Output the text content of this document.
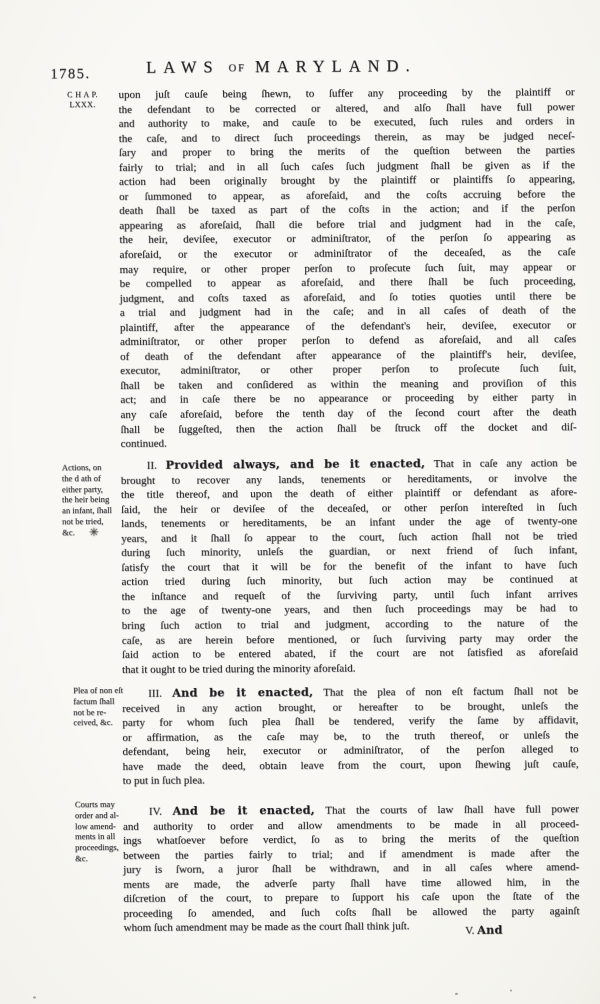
1785.	LAWS OF MARYLAND.
C H A P.
LXXX.
Actions, on
the d ath of
either party,
the heir being
an infant, ſhall
not be tried,
&c.	✳
Plea of non eſt
factum ſhall
not be re-
ceived, &c.
Courts may
order and al-
low amend-
ments in all
proceedings,
&c.
upon juſt cauſe being ſhewn, to ſuffer any proceeding by the plaintiff or
the defendant to be corrected or altered, and alſo ſhall have full power
and authority to make, and cauſe to be executed, ſuch rules and orders in
the caſe, and to direct ſuch proceedings therein, as may be judged neceſ-
ſary and proper to bring the merits of the queſtion between the parties
fairly to trial; and in all ſuch caſes ſuch judgment ſhall be given as if the
action had been originally brought by the plaintiff or plaintiffs ſo appearing,
or ſummoned to appear, as aforeſaid, and the coſts accruing before the
death ſhall be taxed as part of the coſts in the action; and if the perſon
appearing as aforeſaid, ſhall die before trial and judgment had in the caſe,
the heir, deviſee, executor or adminiſtrator, of the perſon ſo appearing as
aforeſaid, or the executor or adminiſtrator of the deceaſed, as the caſe
may require, or other proper perſon to proſecute ſuch ſuit, may appear or
be compelled to appear as aforeſaid, and there ſhall be ſuch proceeding,
judgment, and coſts taxed as aforeſaid, and ſo toties quoties until there be
a trial and judgment had in the caſe; and in all caſes of death of the
plaintiff, after the appearance of the defendant's heir, deviſee, executor or
adminiſtrator, or other proper perſon to defend as aforeſaid, and all caſes
of death of the defendant after appearance of the plaintiff's heir, deviſee,
executor, adminiſtrator, or other proper perſon to proſecute ſuch ſuit,
ſhall be taken and conſidered as within the meaning and proviſion of this
act; and in caſe there be no appearance or proceeding by either party in
any caſe aforeſaid, before the tenth day of the ſecond court after the death
ſhall be ſuggeſted, then the action ſhall be ſtruck off the docket and diſ-
continued.
II. Provided always, and be it enacted, That in caſe any action be
brought to recover any lands, tenements or hereditaments, or involve the
the title thereof, and upon the death of either plaintiff or defendant as afore-
ſaid, the heir or deviſee of the deceaſed, or other perſon intereſted in ſuch
lands, tenements or hereditaments, be an infant under the age of twenty-one
years, and it ſhall ſo appear to the court, ſuch action ſhall not be tried
during ſuch minority, unleſs the guardian, or next friend of ſuch infant,
ſatisfy the court that it will be for the benefit of the infant to have ſuch
action tried during ſuch minority, but ſuch action may be continued at
the inſtance and requeſt of the ſurviving party, until ſuch infant arrives
to the age of twenty-one years, and then ſuch proceedings may be had to
bring ſuch action to trial and judgment, according to the nature of the
caſe, as are herein before mentioned, or ſuch ſurviving party may order the
ſaid action to be entered abated, if the court are not ſatisfied as aforeſaid
that it ought to be tried during the minority aforeſaid.
III. And be it enacted, That the plea of non eſt factum ſhall not be
received in any action brought, or hereafter to be brought, unleſs the
party for whom ſuch plea ſhall be tendered, verify the ſame by affidavit,
or affirmation, as the caſe may be, to the truth thereof, or unleſs the
defendant, being heir, executor or adminiſtrator, of the perſon alleged to
have made the deed, obtain leave from the court, upon ſhewing juſt cauſe,
to put in ſuch plea.
IV. And be it enacted, That the courts of law ſhall have full power
and authority to order and allow amendments to be made in all proceed-
ings whatſoever before verdict, ſo as to bring the merits of the queſtion
between the parties fairly to trial; and if amendment is made after the
jury is ſworn, a juror ſhall be withdrawn, and in all caſes where amend-
ments are made, the adverſe party ſhall have time allowed him, in the
diſcretion of the court, to prepare to ſupport his caſe upon the ſtate of the
proceeding ſo amended, and ſuch coſts ſhall be allowed the party againſt
whom ſuch amendment may be made as the court ſhall think juſt.	V. And
